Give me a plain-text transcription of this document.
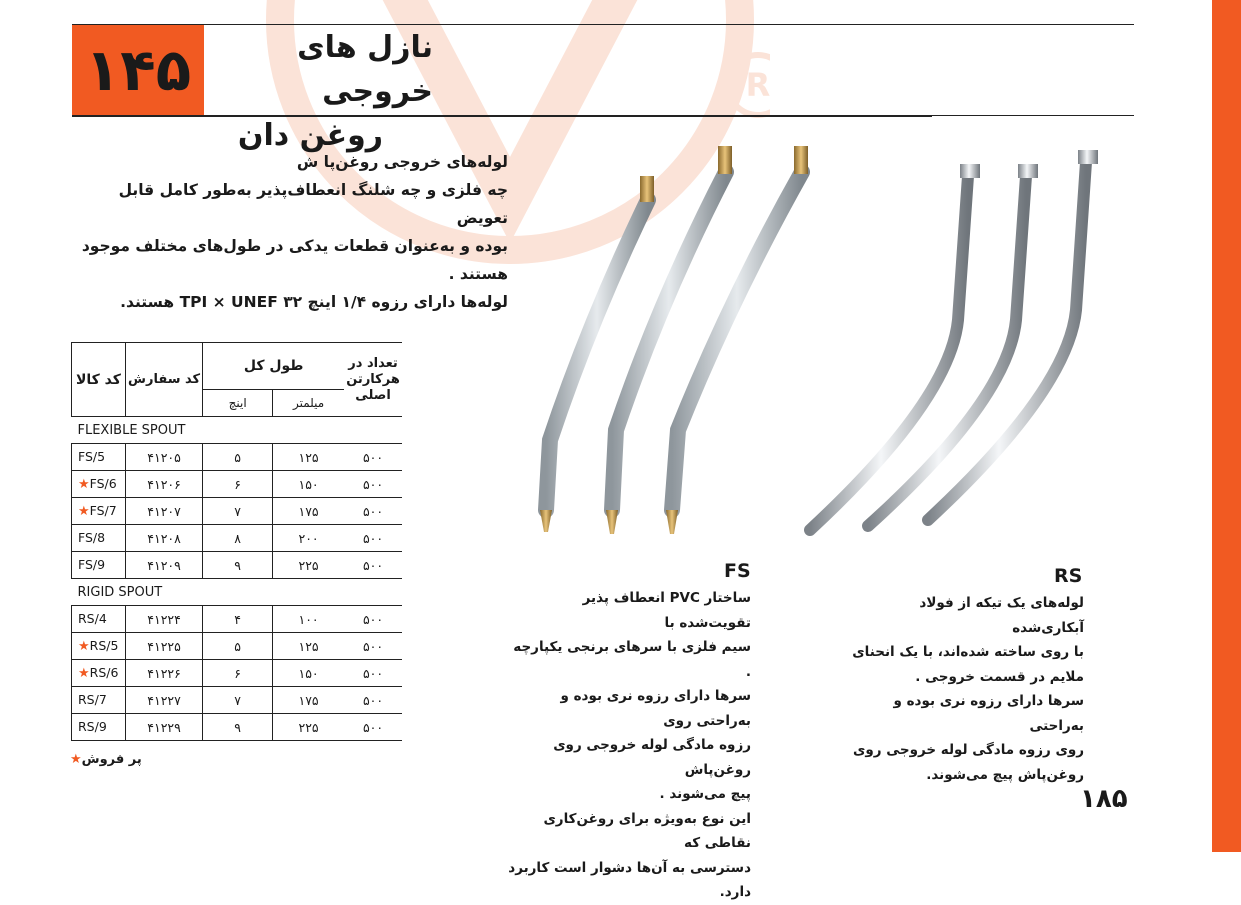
R
۱۴۵	نازل های خروجی
روغن دان

لوله‌های خروجی روغن‌پا ش

چه فلزی و چه شلنگ انعطاف‌پذیر به‌طور کامل قابل تعویض

بوده و به‌عنوان قطعات یدکی در طول‌های مختلف موجود

هستند .

لوله‌ها دارای رزوه ۱/۴ اینچ ۳۲ TPI × UNEF هستند.

کد کالا	کد سفارش	طول کل		تعداد در هرکارتن اصلی
		اینچ	میلمتر	
FLEXIBLE SPOUT				
FS/5	۴۱۲۰۵	۵	۱۲۵	۵۰۰
★FS/6	۴۱۲۰۶	۶	۱۵۰	۵۰۰
★FS/7	۴۱۲۰۷	۷	۱۷۵	۵۰۰
FS/8	۴۱۲۰۸	۸	۲۰۰	۵۰۰
FS/9	۴۱۲۰۹	۹	۲۲۵	۵۰۰
RIGID SPOUT				
RS/4	۴۱۲۲۴	۴	۱۰۰	۵۰۰
★RS/5	۴۱۲۲۵	۵	۱۲۵	۵۰۰
★RS/6	۴۱۲۲۶	۶	۱۵۰	۵۰۰
RS/7	۴۱۲۲۷	۷	۱۷۵	۵۰۰
RS/9	۴۱۲۲۹	۹	۲۲۵	۵۰۰
★پر فروش
FS

ساختار PVC انعطاف پذیر تقویت‌شده با

سیم فلزی با سرهای برنجی یکپارچه .

سرها دارای رزوه نری بوده و به‌راحتی روی

رزوه مادگی لوله خروجی روی روغن‌پاش

پیچ می‌شوند .

این نوع به‌ویژه برای روغن‌کاری نقاطی که

دسترسی به آن‌ها دشوار است کاربرد دارد.

RS

لوله‌های یک تیکه از فولاد آبکاری‌شده

با روی ساخته شده‌اند، با یک انحنای

ملایم در قسمت خروجی .

سرها دارای رزوه نری بوده و به‌راحتی

روی رزوه مادگی لوله خروجی روی

روغن‌پاش پیچ می‌شوند.

۱۸۵
